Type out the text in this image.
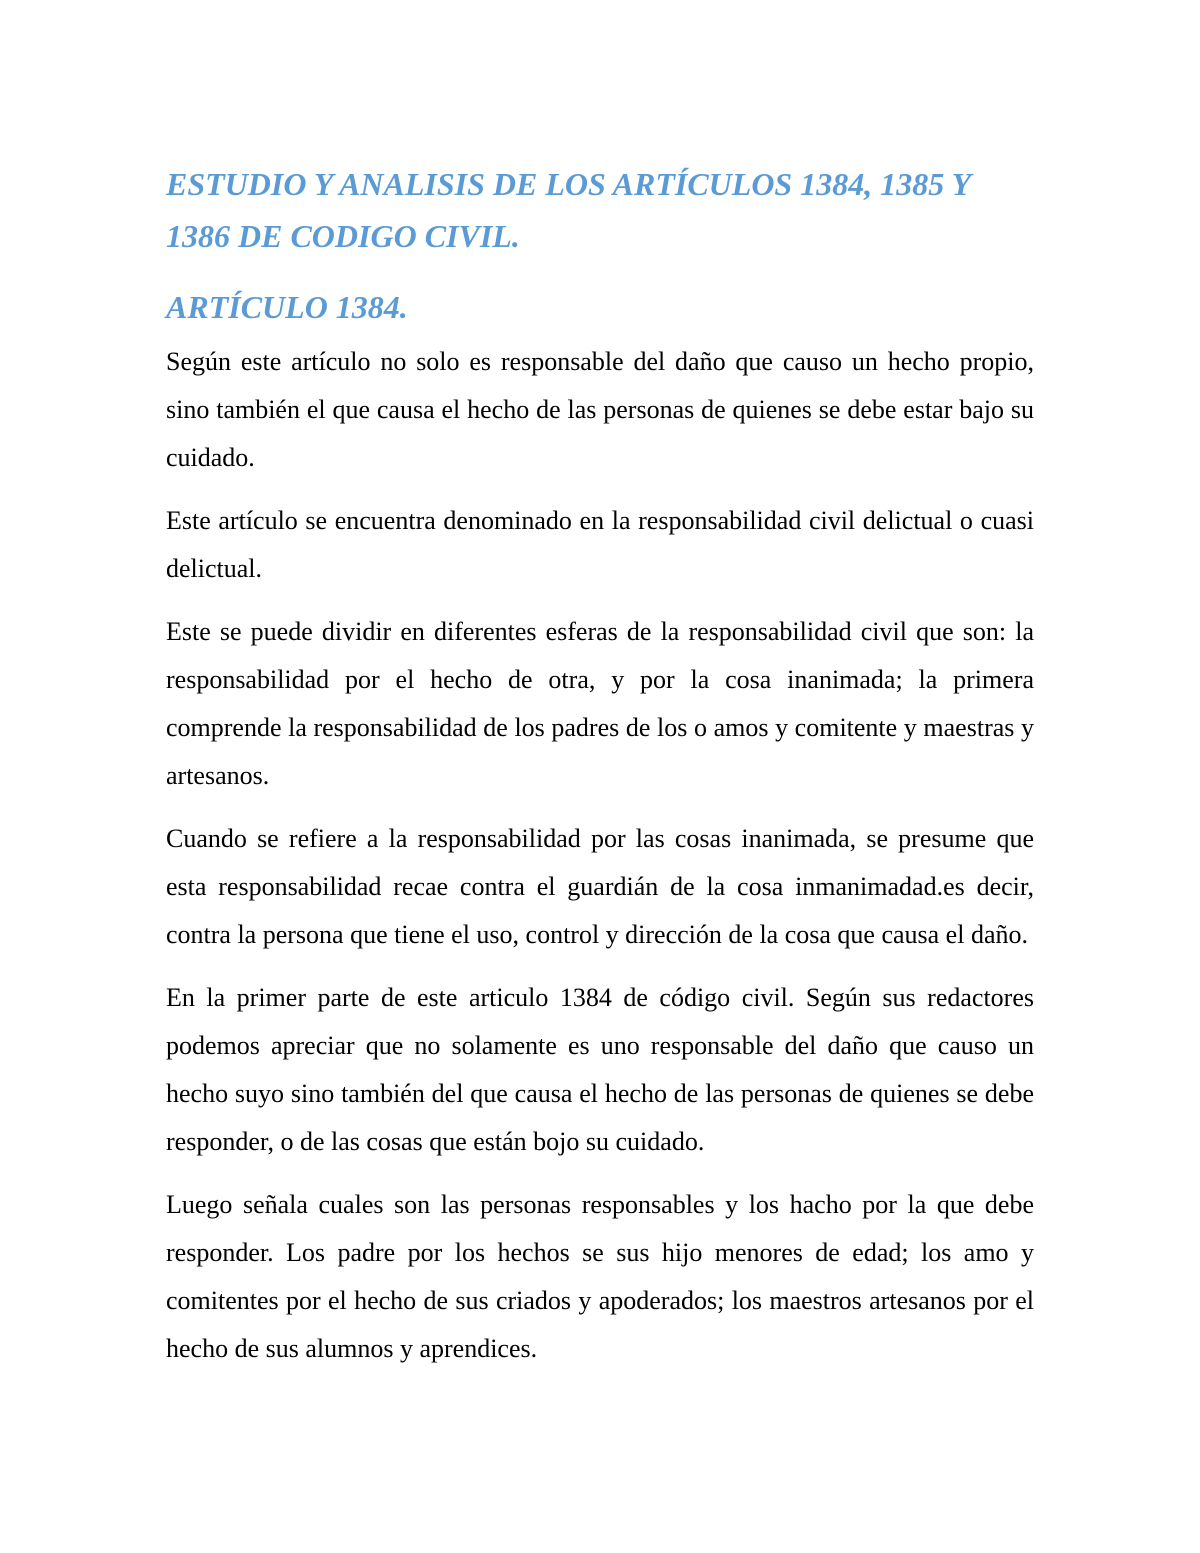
ESTUDIO Y ANALISIS DE LOS ARTÍCULOS 1384, 1385 Y 1386 DE CODIGO CIVIL.
ARTÍCULO 1384.

Según este artículo no solo es responsable del daño que causo un hecho propio, sino también el que causa el hecho de las personas de quienes se debe estar bajo su cuidado.

Este artículo se encuentra denominado en la responsabilidad civil delictual o cuasi delictual.

Este se puede dividir en diferentes esferas de la responsabilidad civil que son: la responsabilidad por el hecho de otra, y por la cosa inanimada; la primera comprende la responsabilidad de los padres de los o amos y comitente y maestras y artesanos.

Cuando se refiere a la responsabilidad por las cosas inanimada, se presume que esta responsabilidad recae contra el guardián de la cosa inmanimadad.es decir, contra la persona que tiene el uso, control y dirección de la cosa que causa el daño.

En la primer parte de este articulo 1384 de código civil. Según sus redactores podemos apreciar que no solamente es uno responsable del daño que causo un hecho suyo sino también del que causa el hecho de las personas de quienes se debe responder, o de las cosas que están bojo su cuidado.

Luego señala cuales son las personas responsables y los hacho por la que debe responder. Los padre por los hechos se sus hijo menores de edad; los amo y comitentes por el hecho de sus criados y apoderados; los maestros artesanos por el hecho de sus alumnos y aprendices.
